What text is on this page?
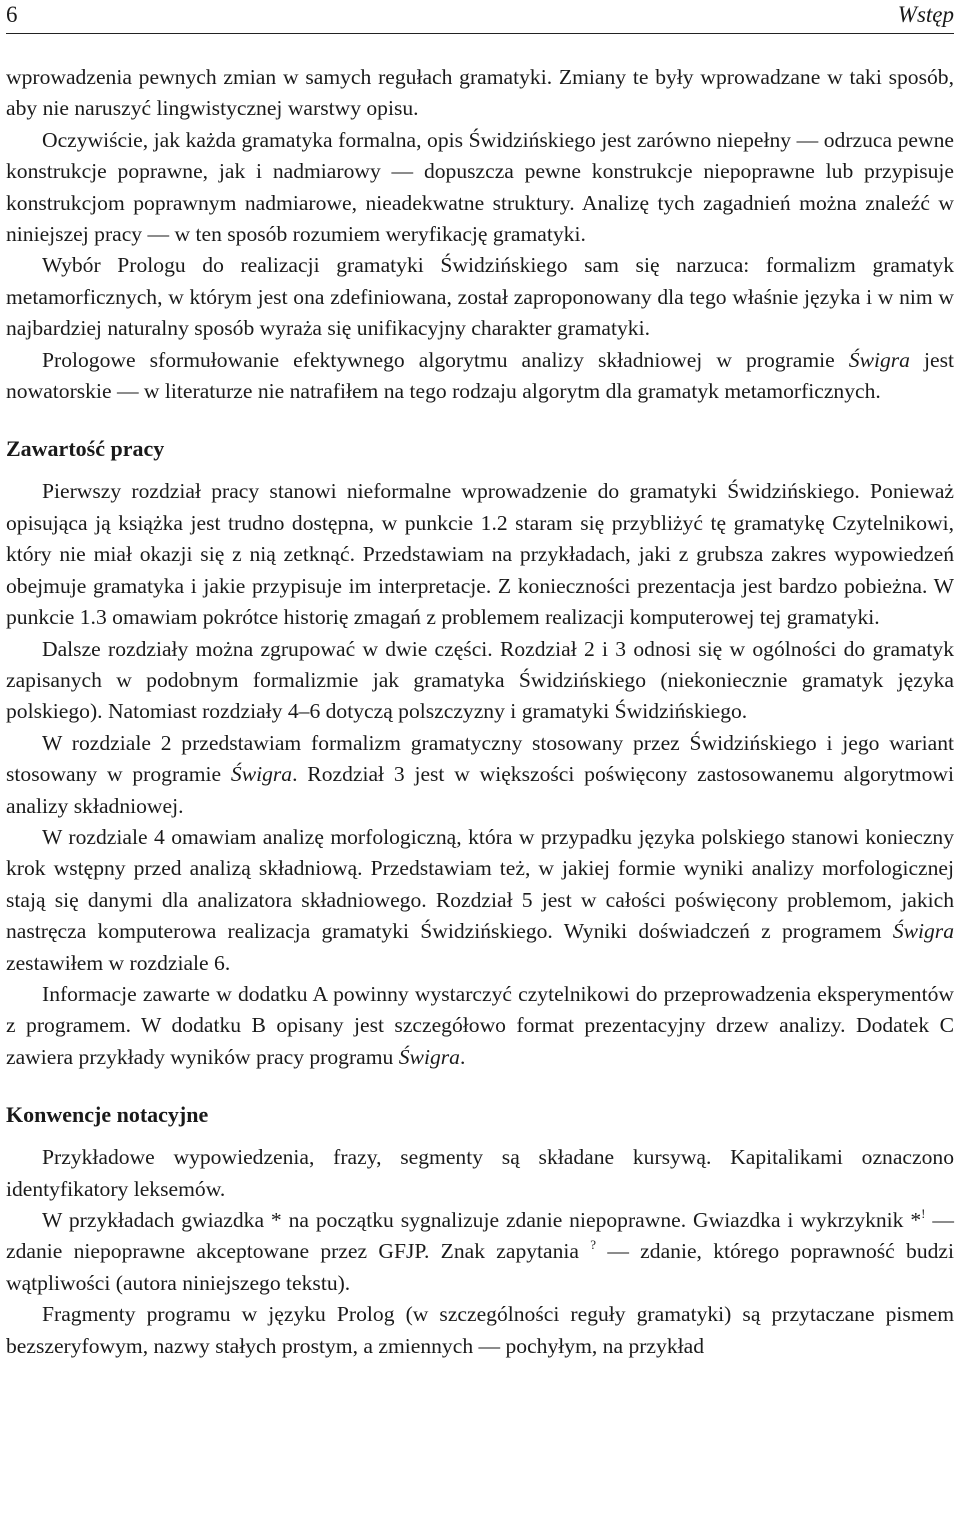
6	Wstęp

wprowadzenia pewnych zmian w samych regułach gramatyki. Zmiany te były wprowadzane w taki sposób, aby nie naruszyć lingwistycznej warstwy opisu.

Oczywiście, jak każda gramatyka formalna, opis Świdzińskiego jest zarówno niepełny — odrzuca pewne konstrukcje poprawne, jak i nadmiarowy — dopuszcza pewne konstrukcje niepoprawne lub przypisuje konstrukcjom poprawnym nadmiarowe, nieadekwatne struktury. Analizę tych zagadnień można znaleźć w niniejszej pracy — w ten sposób rozumiem weryfikację gramatyki.

Wybór Prologu do realizacji gramatyki Świdzińskiego sam się narzuca: formalizm gramatyk metamorficznych, w którym jest ona zdefiniowana, został zaproponowany dla tego właśnie języka i w nim w najbardziej naturalny sposób wyraża się unifikacyjny charakter gramatyki.

Prologowe sformułowanie efektywnego algorytmu analizy składniowej w programie Świgra jest nowatorskie — w literaturze nie natrafiłem na tego rodzaju algorytm dla gramatyk metamorficznych.

Zawartość pracy

Pierwszy rozdział pracy stanowi nieformalne wprowadzenie do gramatyki Świdzińskiego. Ponieważ opisująca ją książka jest trudno dostępna, w punkcie 1.2 staram się przybliżyć tę gramatykę Czytelnikowi, który nie miał okazji się z nią zetknąć. Przedstawiam na przykładach, jaki z grubsza zakres wypowiedzeń obejmuje gramatyka i jakie przypisuje im interpretacje. Z konieczności prezentacja jest bardzo pobieżna. W punkcie 1.3 omawiam pokrótce historię zmagań z problemem realizacji komputerowej tej gramatyki.

Dalsze rozdziały można zgrupować w dwie części. Rozdział 2 i 3 odnosi się w ogólności do gramatyk zapisanych w podobnym formalizmie jak gramatyka Świdzińskiego (niekoniecznie gramatyk języka polskiego). Natomiast rozdziały 4–6 dotyczą polszczyzny i gramatyki Świdzińskiego.

W rozdziale 2 przedstawiam formalizm gramatyczny stosowany przez Świdzińskiego i jego wariant stosowany w programie Świgra. Rozdział 3 jest w większości poświęcony zastosowanemu algorytmowi analizy składniowej.

W rozdziale 4 omawiam analizę morfologiczną, która w przypadku języka polskiego stanowi konieczny krok wstępny przed analizą składniową. Przedstawiam też, w jakiej formie wyniki analizy morfologicznej stają się danymi dla analizatora składniowego. Rozdział 5 jest w całości poświęcony problemom, jakich nastręcza komputerowa realizacja gramatyki Świdzińskiego. Wyniki doświadczeń z programem Świgra zestawiłem w rozdziale 6.

Informacje zawarte w dodatku A powinny wystarczyć czytelnikowi do przeprowadzenia eksperymentów z programem. W dodatku B opisany jest szczegółowo format prezentacyjny drzew analizy. Dodatek C zawiera przykłady wyników pracy programu Świgra.

Konwencje notacyjne

Przykładowe wypowiedzenia, frazy, segmenty są składane kursywą. Kapitalikami oznaczono identyfikatory leksemów.

W przykładach gwiazdka * na początku sygnalizuje zdanie niepoprawne. Gwiazdka i wykrzyknik *! — zdanie niepoprawne akceptowane przez GFJP. Znak zapytania ? — zdanie, którego poprawność budzi wątpliwości (autora niniejszego tekstu).

Fragmenty programu w języku Prolog (w szczególności reguły gramatyki) są przytaczane pismem bezszeryfowym, nazwy stałych prostym, a zmiennych — pochyłym, na przykład
